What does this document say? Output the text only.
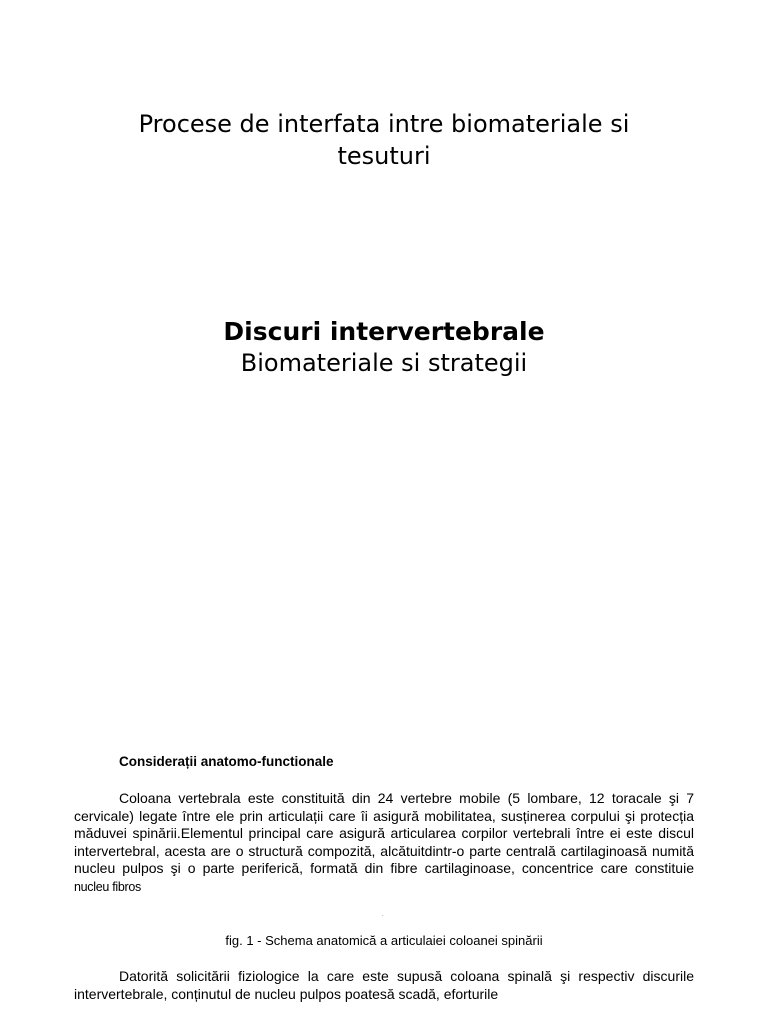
Procese de interfata intre biomateriale si
tesuturi
Discuri intervertebrale
Biomateriale si strategii
Considerații anatomo-functionale
Coloana vertebrala este constituită din 24 vertebre mobile (5 lombare, 12 toracale şi 7 cervicale) legate între ele prin articulații care îi asigură mobilitatea, susținerea corpului şi protecția măduvei spinării.Elementul principal care asigură articularea corpilor vertebrali între ei este discul intervertebral, acesta are o structură compozită, alcătuitdintr-o parte centrală cartilaginoasă numită nucleu pulpos şi o parte periferică, formată din fibre cartilaginoase, concentrice care constituie nucleu fibros
.
fig. 1 - Schema anatomică a articulaiei coloanei spinării
Datorită solicitării fiziologice la care este supusă coloana spinală şi respectiv discurile intervertebrale, conținutul de nucleu pulpos poatesă scadă, eforturile
